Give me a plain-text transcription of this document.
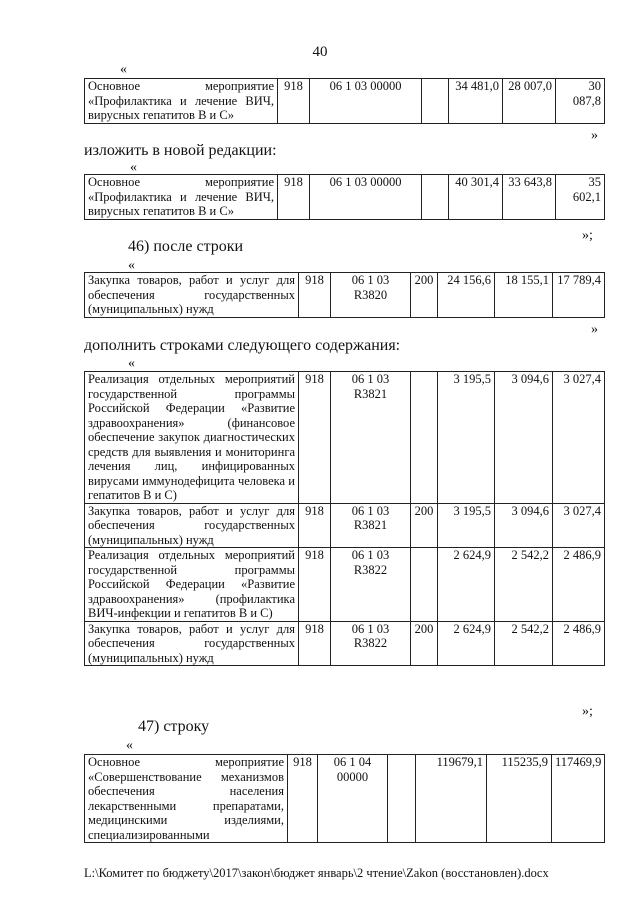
40
«
Основное мероприятие «Профилактика и лечение ВИЧ, вирусных гепатитов В и С»	918	06 1 03 00000		34 481,0	28 007,0	30 087,8
»
изложить в новой редакции:
«
Основное мероприятие «Профилактика и лечение ВИЧ, вирусных гепатитов В и С»	918	06 1 03 00000		40 301,4	33 643,8	35 602,1
»;
46) после строки
«
Закупка товаров, работ и услуг для обеспечения государственных (муниципальных) нужд	918	06 1 03 R3820	200	24 156,6	18 155,1	17 789,4
»
дополнить строками следующего содержания:
«
Реализация отдельных мероприятий государственной программы Российской Федерации «Развитие здравоохранения» (финансовое обеспечение закупок диагностических средств для выявления и мониторинга лечения лиц, инфицированных вирусами иммунодефицита человека и гепатитов В и С)	918	06 1 03 R3821		3 195,5	3 094,6	3 027,4
Закупка товаров, работ и услуг для обеспечения государственных (муниципальных) нужд	918	06 1 03 R3821	200	3 195,5	3 094,6	3 027,4
Реализация отдельных мероприятий государственной программы Российской Федерации «Развитие здравоохранения» (профилактика ВИЧ-инфекции и гепатитов В и С)	918	06 1 03 R3822		2 624,9	2 542,2	2 486,9
Закупка товаров, работ и услуг для обеспечения государственных (муниципальных) нужд	918	06 1 03 R3822	200	2 624,9	2 542,2	2 486,9
»;
47) строку
«
Основное мероприятие «Совершенствование механизмов обеспечения населения лекарственными препаратами, медицинскими изделиями, специализированными	918	06 1 04 00000		119679,1	115235,9	117469,9
L:\Комитет по бюджету\2017\закон\бюджет январь\2 чтение\Zakon (восстановлен).docx
